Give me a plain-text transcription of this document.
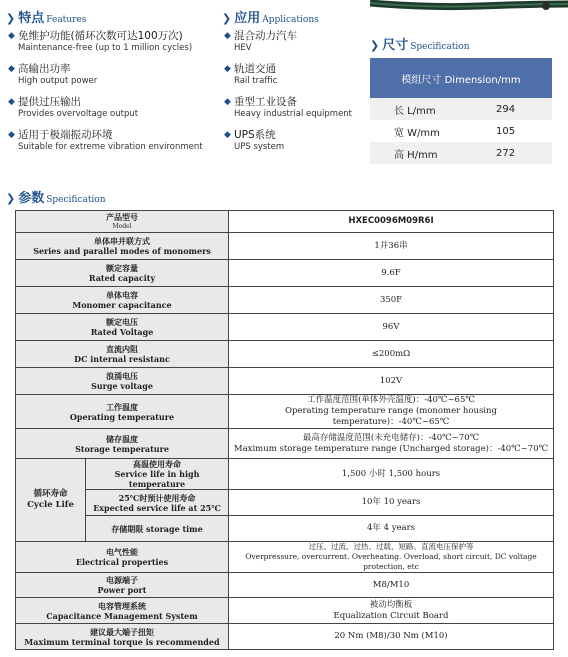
❯ 特点 Features
◆ 免维护功能(循环次数可达100万次)
Maintenance-free (up to 1 million cycles)
◆ 高输出功率
High output power
◆ 提供过压输出
Provides overvoltage output
◆ 适用于极端振动环境
Suitable for extreme vibration environment
❯ 应用 Applications
◆ 混合动力汽车
HEV
◆ 轨道交通
Rail traffic
◆ 重型工业设备
Heavy industrial equipment
◆ UPS系统
UPS system
❯ 尺寸 Specification
模组尺寸 Dimension/mm	
长 L/mm	294
宽 W/mm	105
高 H/mm	272
❯ 参数 Specification
产品型号
Model		HXEC0096M09R6I

单体串并联方式
Series and parallel modes of monomers		1并36串

额定容量
Rated capacity		9.6F

单体电容
Monomer capacitance		350F

额定电压
Rated Voltage		96V

直流内阻
DC internal resistanc		≤200mΩ

浪涌电压
Surge voltage		102V

工作温度
Operating temperature		工作温度范围(单体外壳温度)：-40℃~65℃
Operating temperature range (monomer housing temperature)：-40℃~65℃

储存温度
Storage temperature		最高存储温度范围(未充电储存)：-40℃~70℃
Maximum storage temperature range (Uncharged storage)：-40℃~70℃

循环寿命
Cycle Life	高温使用寿命
Service life in high temperature	1,500 小时 1,500 hours

	25℃时预计使用寿命
Expected service life at 25℃	10年 10 years
	存储期限 storage time	4年 4 years

电气性能
Electrical properties		过压、过流、过热、过载、短路、直流电压保护等
Overpressure, overcurrent. Overheating. Overload, short circuit, DC voltage protection, etc

电源端子
Power port		M8/M10

电容管理系统
Capacitance Management System		被动均衡板
Equalization Circuit Board

建议最大端子扭矩
Maximum terminal torque is recommended		20 Nm (M8)/30 Nm (M10)
